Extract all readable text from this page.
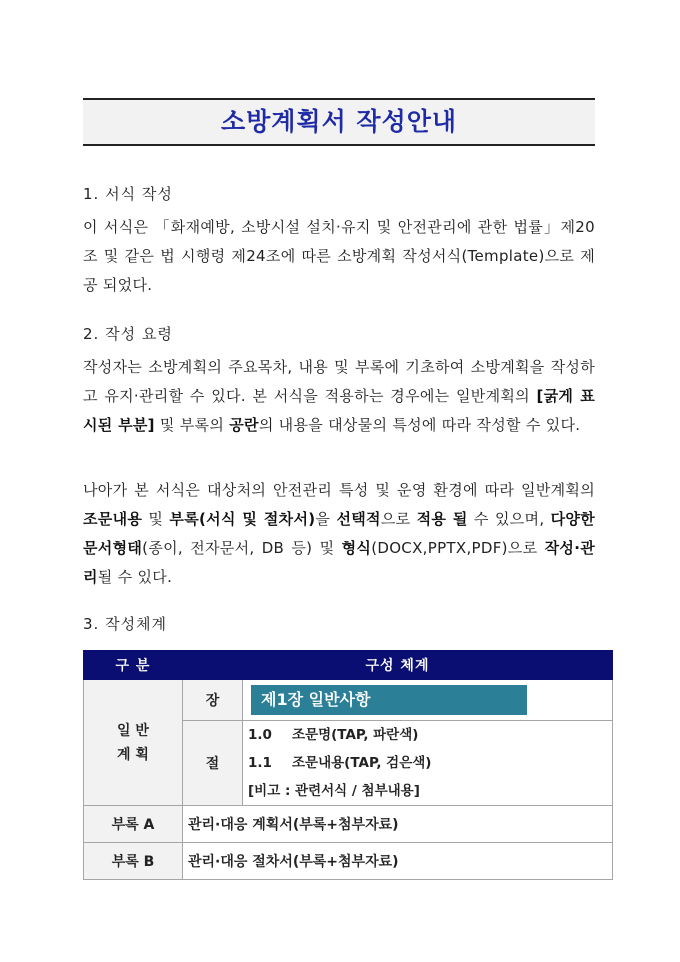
소방계획서 작성안내
1. 서식 작성
이 서식은 「화재예방, 소방시설 설치·유지 및 안전관리에 관한 법률」제20조 및 같은 법 시행령 제24조에 따른 소방계획 작성서식(Template)으로 제공 되었다.
2. 작성 요령
작성자는 소방계획의 주요목차, 내용 및 부록에 기초하여 소방계획을 작성하고 유지·관리할 수 있다. 본 서식을 적용하는 경우에는 일반계획의 [굵게 표시된 부분] 및 부록의 공란의 내용을 대상물의 특성에 따라 작성할 수 있다.
나아가 본 서식은 대상처의 안전관리 특성 및 운영 환경에 따라 일반계획의 조문내용 및 부록(서식 및 절차서)을 선택적으로 적용 될 수 있으며, 다양한 문서형태(종이, 전자문서, DB 등) 및 형식(DOCX,PPTX,PDF)으로 작성·관리될 수 있다.
3. 작성체계
구 분	구성 체계	
일 반
계 획	장	제1장 일반사항
	절	1.0 조문명(TAP, 파란색)
1.1 조문내용(TAP, 검은색)
[비고 : 관련서식 / 첨부내용]

부록 A	관리·대응 계획서(부록+첨부자료)	
부록 B	관리·대응 절차서(부록+첨부자료)	
